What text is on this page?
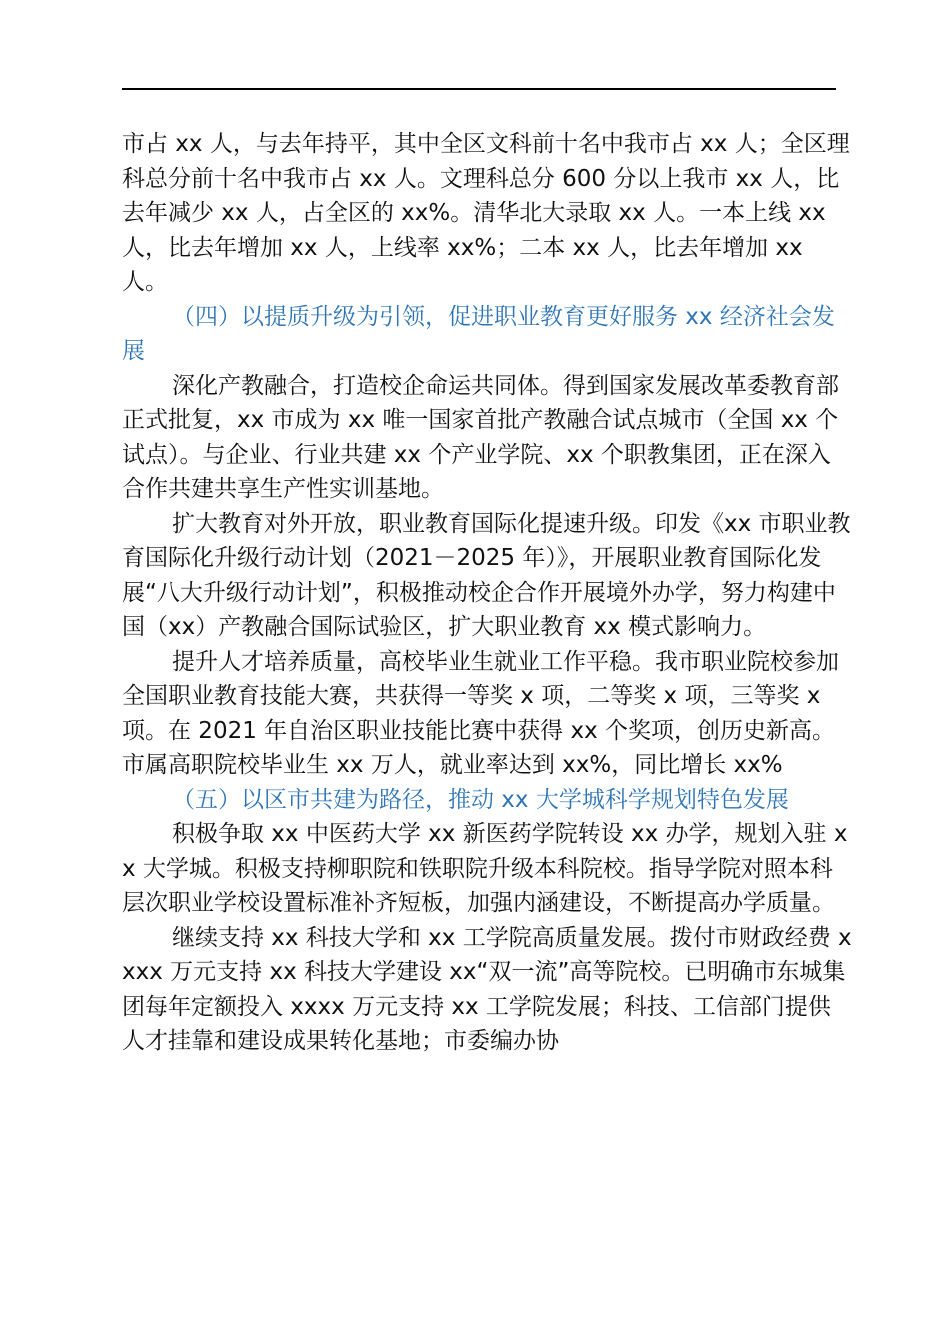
市占 xx 人，与去年持平，其中全区文科前十名中我市占 xx 人；全区理科总分前十名中我市占 xx 人。文理科总分 600 分以上我市 xx 人，比去年减少 xx 人，占全区的 xx%。清华北大录取 xx 人。一本上线 xx 人，比去年增加 xx 人，上线率 xx%；二本 xx 人，比去年增加 xx 人。

（四）以提质升级为引领，促进职业教育更好服务 xx 经济社会发展

深化产教融合，打造校企命运共同体。得到国家发展改革委教育部正式批复，xx 市成为 xx 唯一国家首批产教融合试点城市（全国 xx 个试点）。与企业、行业共建 xx 个产业学院、xx 个职教集团，正在深入合作共建共享生产性实训基地。

扩大教育对外开放，职业教育国际化提速升级。印发《xx 市职业教育国际化升级行动计划（2021－2025 年）》，开展职业教育国际化发展“八大升级行动计划”，积极推动校企合作开展境外办学，努力构建中国（xx）产教融合国际试验区，扩大职业教育 xx 模式影响力。

提升人才培养质量，高校毕业生就业工作平稳。我市职业院校参加全国职业教育技能大赛，共获得一等奖 x 项，二等奖 x 项，三等奖 x 项。在 2021 年自治区职业技能比赛中获得 xx 个奖项，创历史新高。市属高职院校毕业生 xx 万人，就业率达到 xx%，同比增长 xx%

（五）以区市共建为路径，推动 xx 大学城科学规划特色发展

积极争取 xx 中医药大学 xx 新医药学院转设 xx 办学，规划入驻 xx 大学城。积极支持柳职院和铁职院升级本科院校。指导学院对照本科层次职业学校设置标准补齐短板，加强内涵建设，不断提高办学质量。

继续支持 xx 科技大学和 xx 工学院高质量发展。拨付市财政经费 xxxx 万元支持 xx 科技大学建设 xx“双一流”高等院校。已明确市东城集团每年定额投入 xxxx 万元支持 xx 工学院发展；科技、工信部门提供人才挂靠和建设成果转化基地；市委编办协
